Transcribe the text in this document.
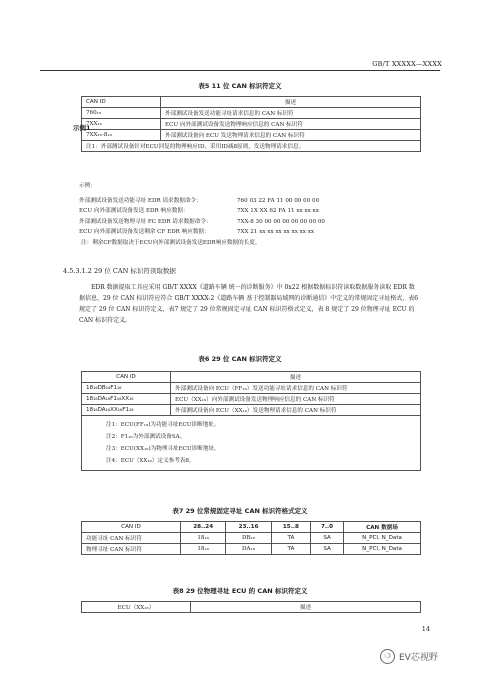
GB/T XXXXX—XXXX
表5 11 位 CAN 标识符定义
CAN ID	描述
760₁₆	外部测试设备发送功能寻址请求信息的 CAN 标识符
7XX₁₆	ECU 向外部测试设备发送物理响应信息的 CAN 标识符
7XX₁₆-8₁₆	外部测试设备向 ECU 发送物理请求信息的 CAN 标识符
注1：外部测试设备针对ECU回复的物理响应ID，采用ID减8原则，发送物理请求信息。	
示例1
示例：
外部测试设备发送功能寻址 EDR 请求数据命令：	760 03 22 FA 11 00 00 00 00
ECU 向外部测试设备发送 EDR 响应数据：	7XX 1X XX 62 FA 11 xx xx xx
外部测试设备发送物理寻址 FC EDR 请求数据命令：	7XX-8 30 00 00 00 00 00 00 00
ECU 向外部测试设备发送剩余 CF EDR 响应数据：	7XX 21 xx xx xx xx xx xx xx
注：剩余CF数据取决于ECU向外部测试设备发送EDR响应数据的长度。
4.5.3.1.2 29 位 CAN 标识符读取数据
EDR 数据提取工具应采用 GB/T XXXX《道路车辆 统一的诊断服务》中 0x22 根据数据标识符读取数据服务读取 EDR 数据信息，29 位 CAN 标识符应符合 GB/T XXXX-2《道路车辆 基于控制器局域网的诊断通信》中定义的常规固定寻址格式，表6 规定了 29 位 CAN 标识符定义，表7 规定了 29 位常规固定寻址 CAN 标识符格式定义，表 8 规定了 29 位物理寻址 ECU 的 CAN 标识符定义。
表6 29 位 CAN 标识符定义
CAN ID	描述
18₁₆DB₁₆F1₁₆	外部测试设备向 ECU（FF₁₆）发送功能寻址请求信息的 CAN 标识符
18₁₆DA₁₆F1₁₆XX₁₆	ECU（XX₁₆）向外部测试设备发送物理响应信息的 CAN 标识符
18₁₆DA₁₆XX₁₆F1₁₆	外部测试设备向 ECU（XX₁₆）发送物理请求信息的 CAN 标识符

注1：ECU(FF₁₆)为功能寻址ECU诊断地址。
注2：F1₁₆为外部测试设备SA。
注3：ECU(XX₁₆)为物理寻址ECU诊断地址。
注4：ECU（XX₁₆）定义参考表8。	
表7 29 位常规固定寻址 CAN 标识符格式定义
CAN ID	28..24	23..16	15..8	7..0	CAN 数据场
功能寻址 CAN 标识符	18₁₆	DB₁₆	TA	SA	N_PCI, N_Data
物理寻址 CAN 标识符	18₁₆	DA₁₆	TA	SA	N_PCI, N_Data
表8 29 位物理寻址 ECU 的 CAN 标识符定义
ECU（XX₁₆）	描述
14
❍ EV芯视野
